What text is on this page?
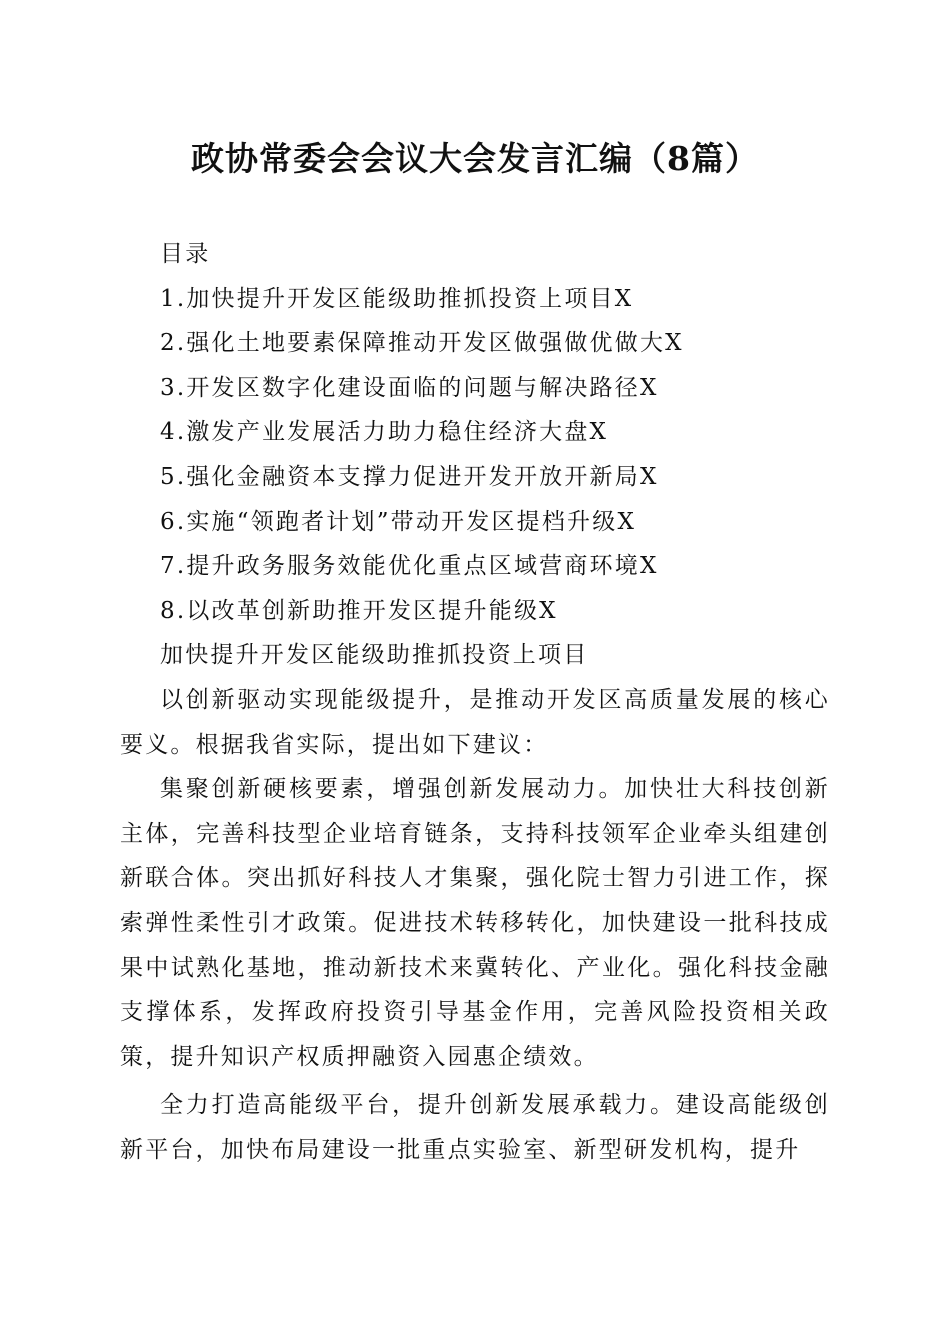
政协常委会会议大会发言汇编（8篇）

目录

1.加快提升开发区能级助推抓投资上项目X

2.强化土地要素保障推动开发区做强做优做大X

3.开发区数字化建设面临的问题与解决路径X

4.激发产业发展活力助力稳住经济大盘X

5.强化金融资本支撑力促进开发开放开新局X

6.实施“领跑者计划”带动开发区提档升级X

7.提升政务服务效能优化重点区域营商环境X

8.以改革创新助推开发区提升能级X

加快提升开发区能级助推抓投资上项目

以创新驱动实现能级提升，是推动开发区高质量发展的核心要义。根据我省实际，提出如下建议：

集聚创新硬核要素，增强创新发展动力。加快壮大科技创新主体，完善科技型企业培育链条，支持科技领军企业牵头组建创新联合体。突出抓好科技人才集聚，强化院士智力引进工作，探索弹性柔性引才政策。促进技术转移转化，加快建设一批科技成果中试熟化基地，推动新技术来冀转化、产业化。强化科技金融支撑体系，发挥政府投资引导基金作用，完善风险投资相关政策，提升知识产权质押融资入园惠企绩效。

全力打造高能级平台，提升创新发展承载力。建设高能级创新平台，加快布局建设一批重点实验室、新型研发机构，提升
